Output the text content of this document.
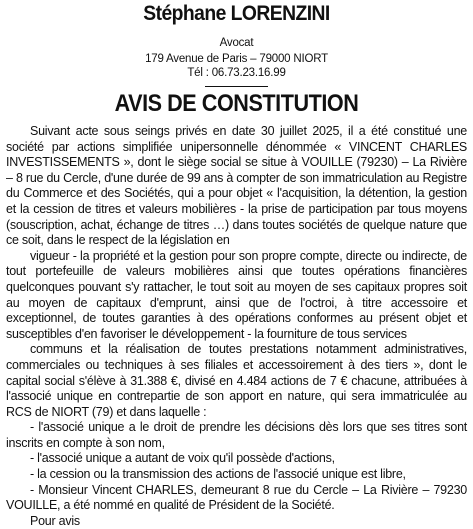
Stéphane LORENZINI
Avocat
179 Avenue de Paris – 79000 NIORT
Tél : 06.73.23.16.99
AVIS DE CONSTITUTION

Suivant acte sous seings privés en date 30 juillet 2025, il a été constitué une société par actions simplifiée unipersonnelle dénommée « VINCENT CHARLES INVESTISSEMENTS », dont le siège social se situe à VOUILLE (79230) – La Rivière – 8 rue du Cercle, d'une durée de 99 ans à compter de son immatriculation au Registre du Commerce et des Sociétés, qui a pour objet « l'acquisition, la détention, la gestion et la cession de titres et valeurs mobilières - la prise de participation par tous moyens (souscription, achat, échange de titres …) dans toutes sociétés de quelque nature que ce soit, dans le respect de la législation en

vigueur - la propriété et la gestion pour son propre compte, directe ou indirecte, de tout portefeuille de valeurs mobilières ainsi que toutes opérations financières quelconques pouvant s'y rattacher, le tout soit au moyen de ses capitaux propres soit au moyen de capitaux d'emprunt, ainsi que de l'octroi, à titre accessoire et exceptionnel, de toutes garanties à des opérations conformes au présent objet et susceptibles d'en favoriser le développement - la fourniture de tous services

communs et la réalisation de toutes prestations notamment administratives, commerciales ou techniques à ses filiales et accessoirement à des tiers », dont le capital social s'élève à 31.388 €, divisé en 4.484 actions de 7 € chacune, attribuées à l'associé unique en contrepartie de son apport en nature, qui sera immatriculée au RCS de NIORT (79) et dans laquelle :

- l'associé unique a le droit de prendre les décisions dès lors que ses titres sont inscrits en compte à son nom,

- l'associé unique a autant de voix qu'il possède d'actions,

- la cession ou la transmission des actions de l'associé unique est libre,

- Monsieur Vincent CHARLES, demeurant 8 rue du Cercle – La Rivière – 79230 VOUILLE, a été nommé en qualité de Président de la Société.

Pour avis
